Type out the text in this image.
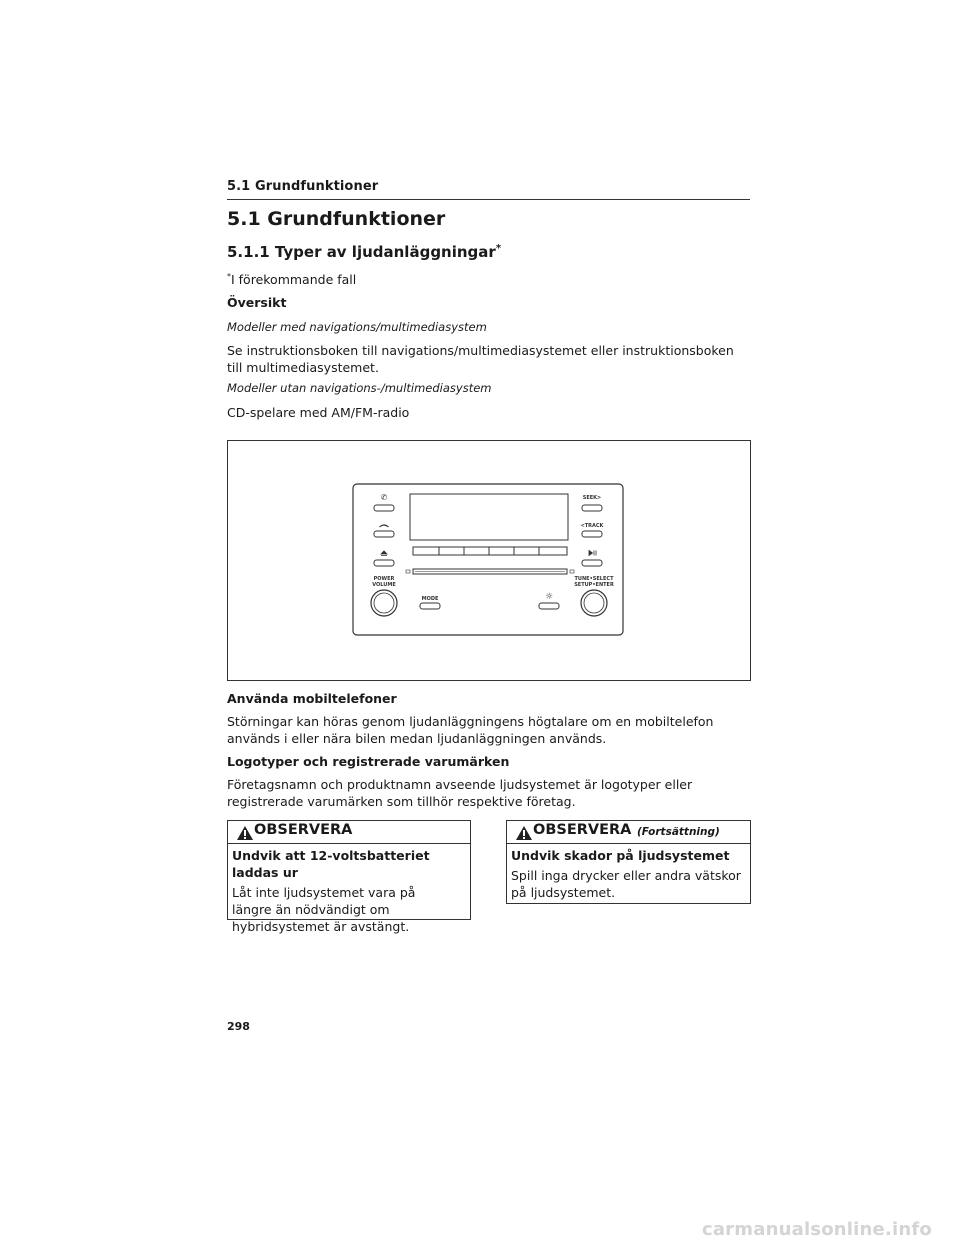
5.1 Grundfunktioner
5.1 Grundfunktioner
5.1.1 Typer av ljudanläggningar*
*I förekommande fall
Översikt
Modeller med navigations/multimediasystem
Se instruktionsboken till navigations/multimediasystemet eller instruktionsboken till multimediasystemet.
Modeller utan navigations-/multimediasystem
CD-spelare med AM/FM-radio
✆
POWER
VOLUME
SEEK>
<TRACK
TUNE•SELECT
SETUP•ENTER
MODE	☼
Använda mobiltelefoner
Störningar kan höras genom ljudanläggningens högtalare om en mobiltelefon används i eller nära bilen medan ljudanläggningen används.
Logotyper och registrerade varumärken
Företagsnamn och produktnamn avseende ljudsystemet är logotyper eller registrerade varumärken som tillhör respektive företag.
OBSERVERA
Undvik att 12-voltsbatteriet laddas ur
Låt inte ljudsystemet vara på längre än nödvändigt om hybridsystemet är avstängt.
OBSERVERA (Fortsättning)
Undvik skador på ljudsystemet
Spill inga drycker eller andra vätskor på ljudsystemet.
298
carmanualsonline.info
